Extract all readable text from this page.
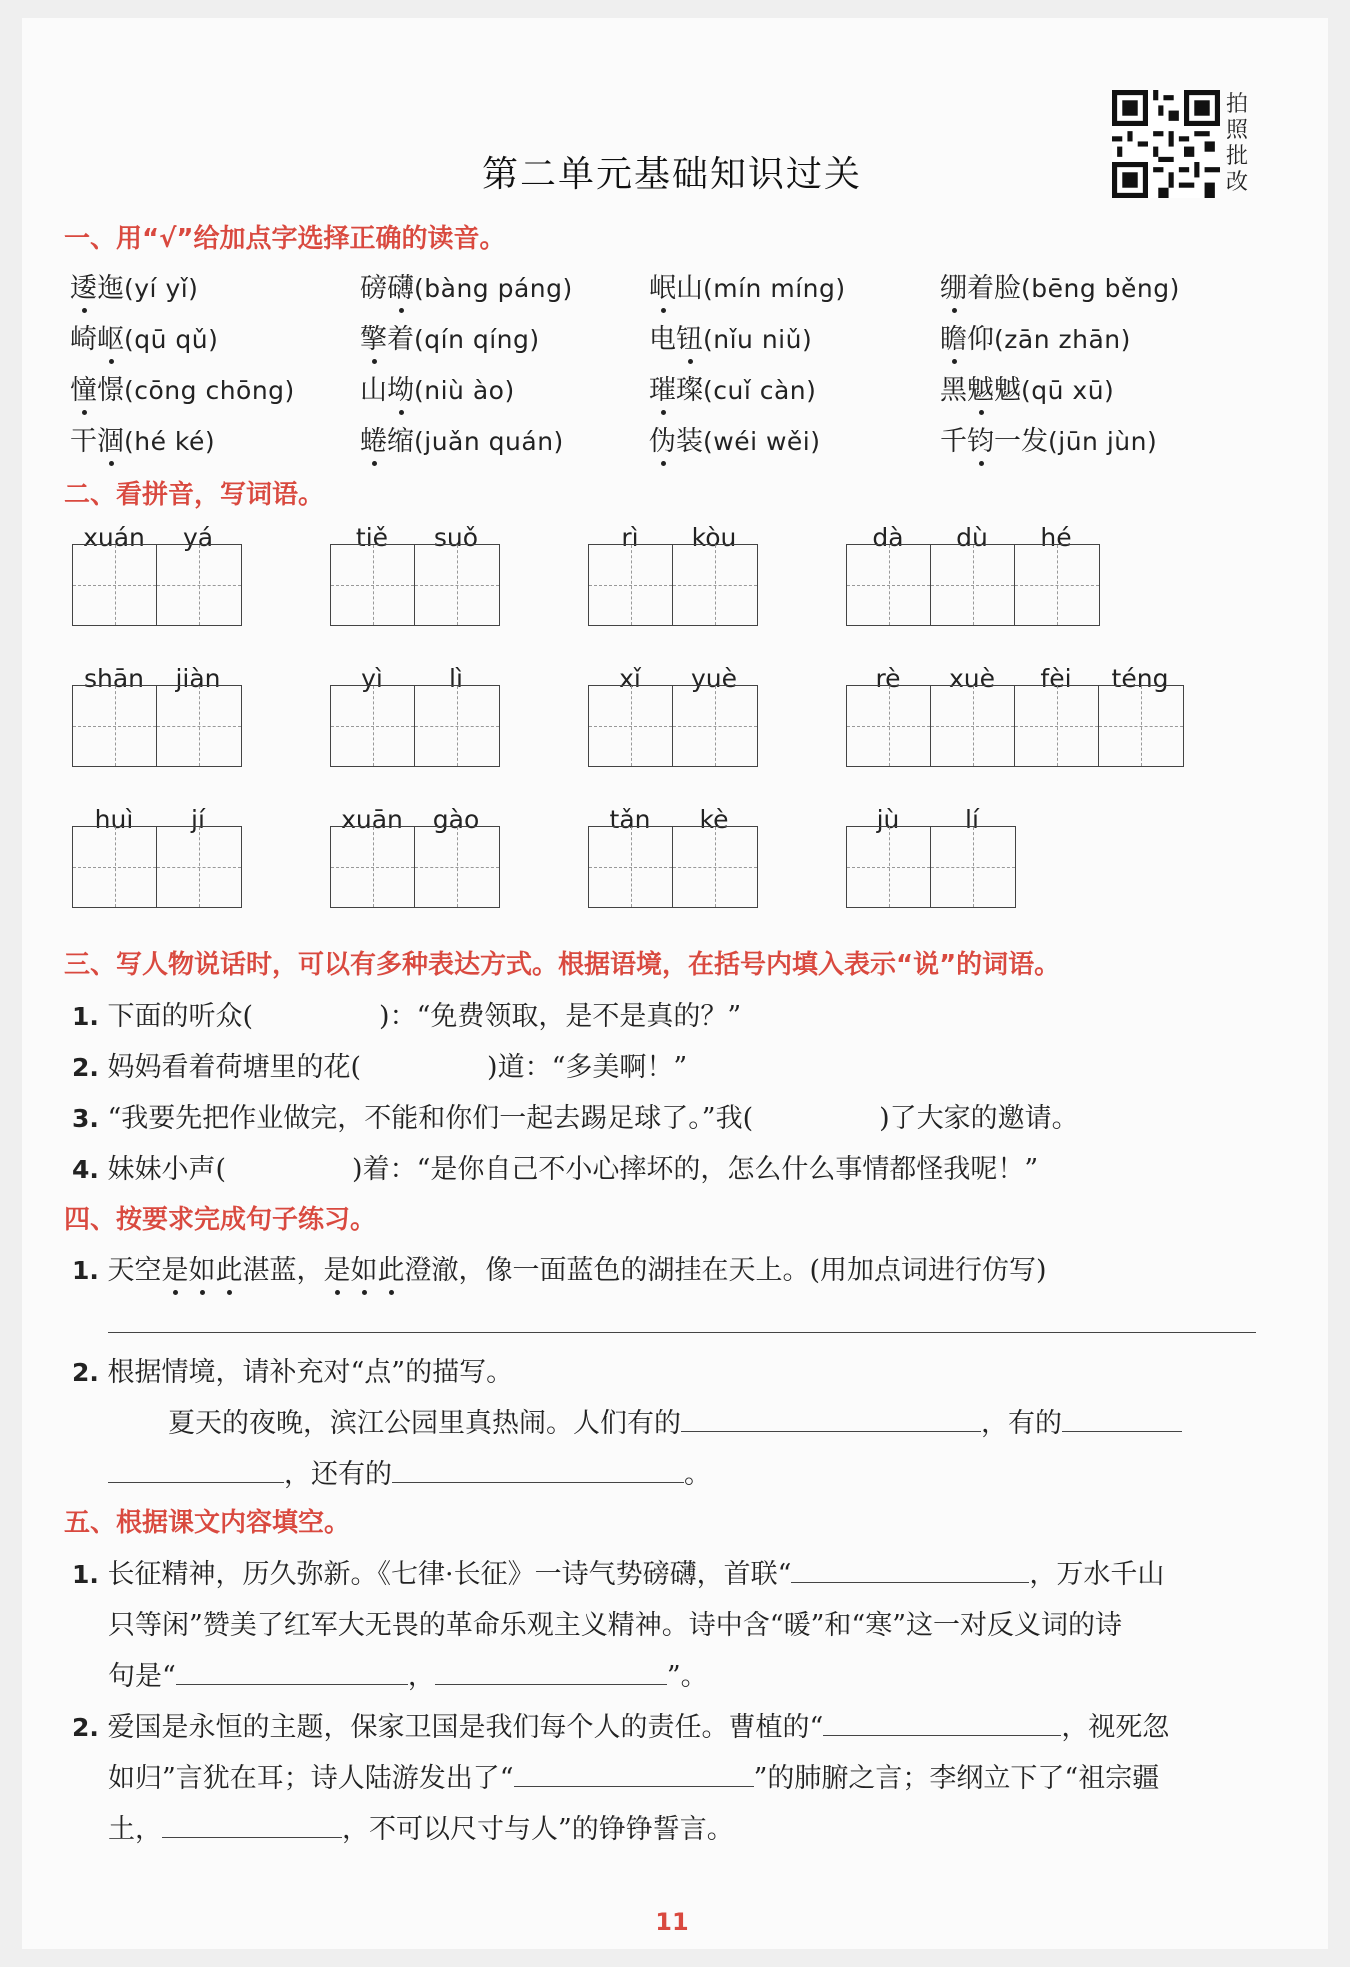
第二单元基础知识过关
拍照批改
一、用“√”给加点字选择正确的读音。
逶迤(yí yǐ)	磅礴(bàng páng)	岷山(mín míng)	绷着脸(bēng běng)
崎岖(qū qǔ)	擎着(qín qíng)	电钮(nǐu niǔ)	瞻仰(zān zhān)
憧憬(cōng chōng) 山坳(niù ào)	璀璨(cuǐ càn)	黑魆魆(qū xū)
干涸(hé ké)	蜷缩(juǎn quán)	伪装(wéi wěi)	千钧一发(jūn jùn)
二、看拼音，写词语。
xuán	yá	tiě	suǒ	rì	kòu	dà	dù	hé
shān	jiàn	yì	lì	xǐ	yuè	rè	xuè	fèi	téng
huì	jí	xuān	gào	tǎn	kè	jù	lí
三、写人物说话时，可以有多种表达方式。根据语境，在括号内填入表示“说”的词语。
1. 下面的听众(	)：“免费领取，是不是真的？”
2. 妈妈看着荷塘里的花(	)道：“多美啊！”
3. “我要先把作业做完，不能和你们一起去踢足球了。”我(	)了大家的邀请。
4. 妹妹小声(	)着：“是你自己不小心摔坏的，怎么什么事情都怪我呢！”
四、按要求完成句子练习。
1. 天空是如此湛蓝，是如此澄澈，像一面蓝色的湖挂在天上。(用加点词进行仿写)
2. 根据情境，请补充对“点”的描写。
夏天的夜晚，滨江公园里真热闹。人们有的	，有的
，还有的	。
五、根据课文内容填空。
1. 长征精神，历久弥新。《七律·长征》一诗气势磅礴，首联“	，万水千山
只等闲”赞美了红军大无畏的革命乐观主义精神。诗中含“暖”和“寒”这一对反义词的诗
句是“	，	”。
2. 爱国是永恒的主题，保家卫国是我们每个人的责任。曹植的“	，视死忽
如归”言犹在耳；诗人陆游发出了“	”的肺腑之言；李纲立下了“祖宗疆
土，	，不可以尺寸与人”的铮铮誓言。
11
